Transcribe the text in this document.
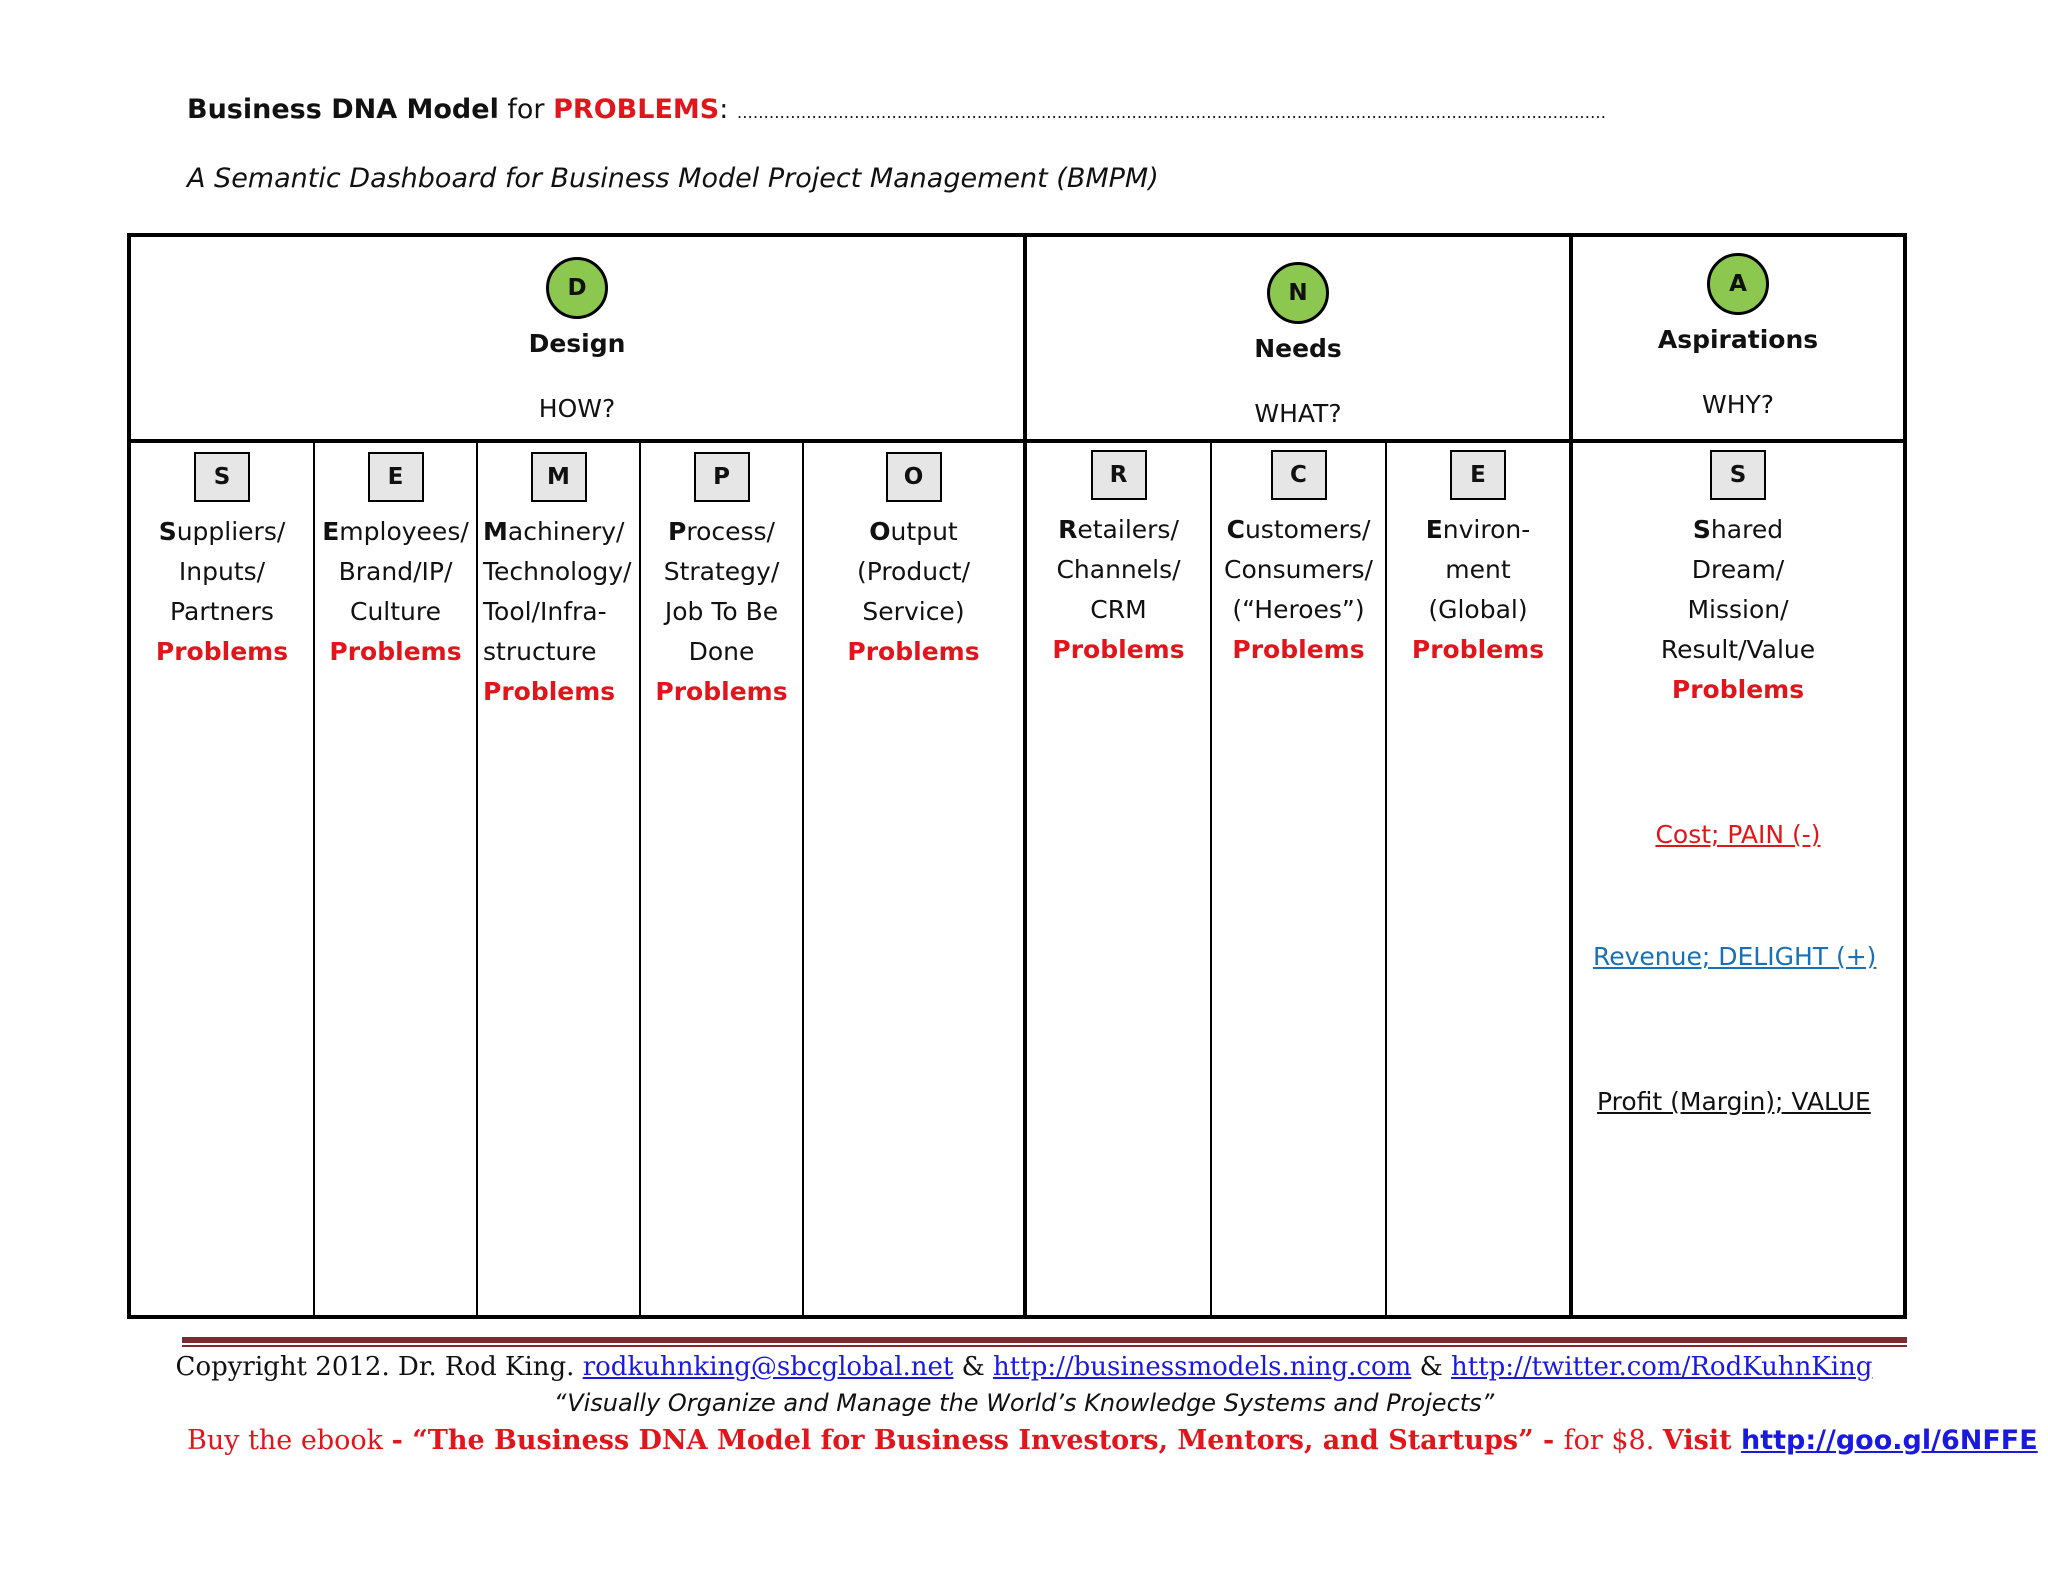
Business DNA Model for PROBLEMS: …………………………………………………………………………………………………………………………………….…………
A Semantic Dashboard for Business Model Project Management (BMPM)
D
Design
HOW?
N
Needs
WHAT?
A
Aspirations
WHY?
S
Suppliers/
Inputs/
Partners
Problems
E
Employees/
Brand/IP/
Culture
Problems
M
Machinery/
Technology/
Tool/Infra-
structure
Problems
P
Process/
Strategy/
Job To Be
Done
Problems
O
Output
(Product/
Service)
Problems
R
Retailers/
Channels/
CRM
Problems
C
Customers/
Consumers/
(“Heroes”)
Problems
E
Environ-
ment
(Global)
Problems
S
Shared
Dream/
Mission/
Result/Value
Problems
Cost; PAIN (-)
Revenue; DELIGHT (+)
Profit (Margin); VALUE
Copyright 2012. Dr. Rod King. rodkuhnking@sbcglobal.net & http://businessmodels.ning.com & http://twitter.com/RodKuhnKing
“Visually Organize and Manage the World’s Knowledge Systems and Projects”
Buy the ebook - “The Business DNA Model for Business Investors, Mentors, and Startups” - for $8. Visit http://goo.gl/6NFFE
